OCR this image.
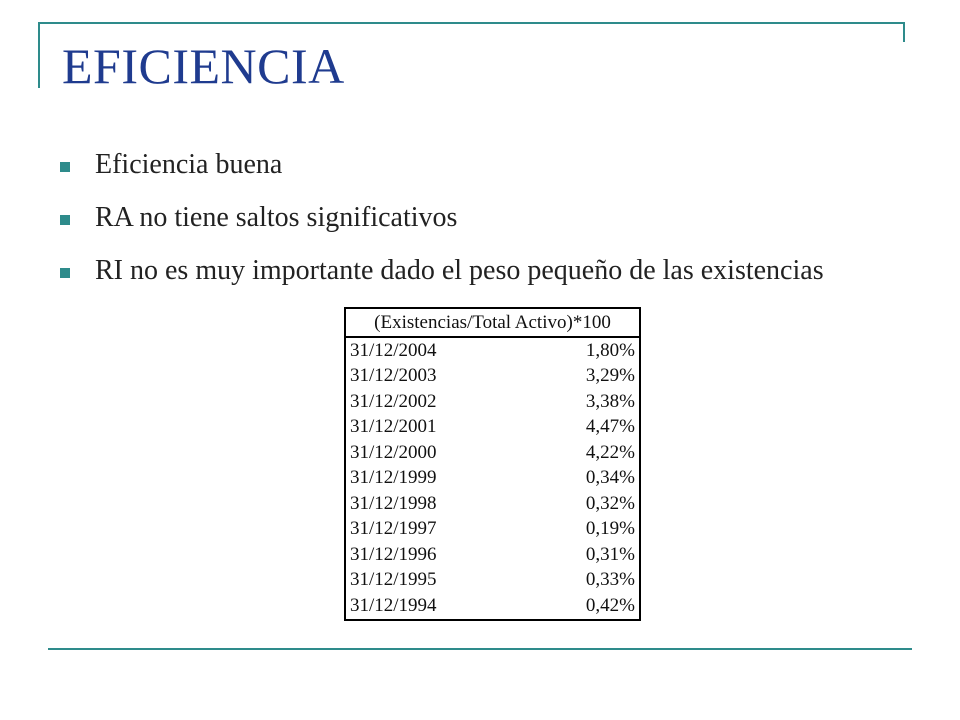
EFICIENCIA
Eficiencia buena
RA no tiene saltos significativos
RI no es muy importante dado el peso pequeño de las existencias
(Existencias/Total Activo)*100	
31/12/2004	1,80%
31/12/2003	3,29%
31/12/2002	3,38%
31/12/2001	4,47%
31/12/2000	4,22%
31/12/1999	0,34%
31/12/1998	0,32%
31/12/1997	0,19%
31/12/1996	0,31%
31/12/1995	0,33%
31/12/1994	0,42%
